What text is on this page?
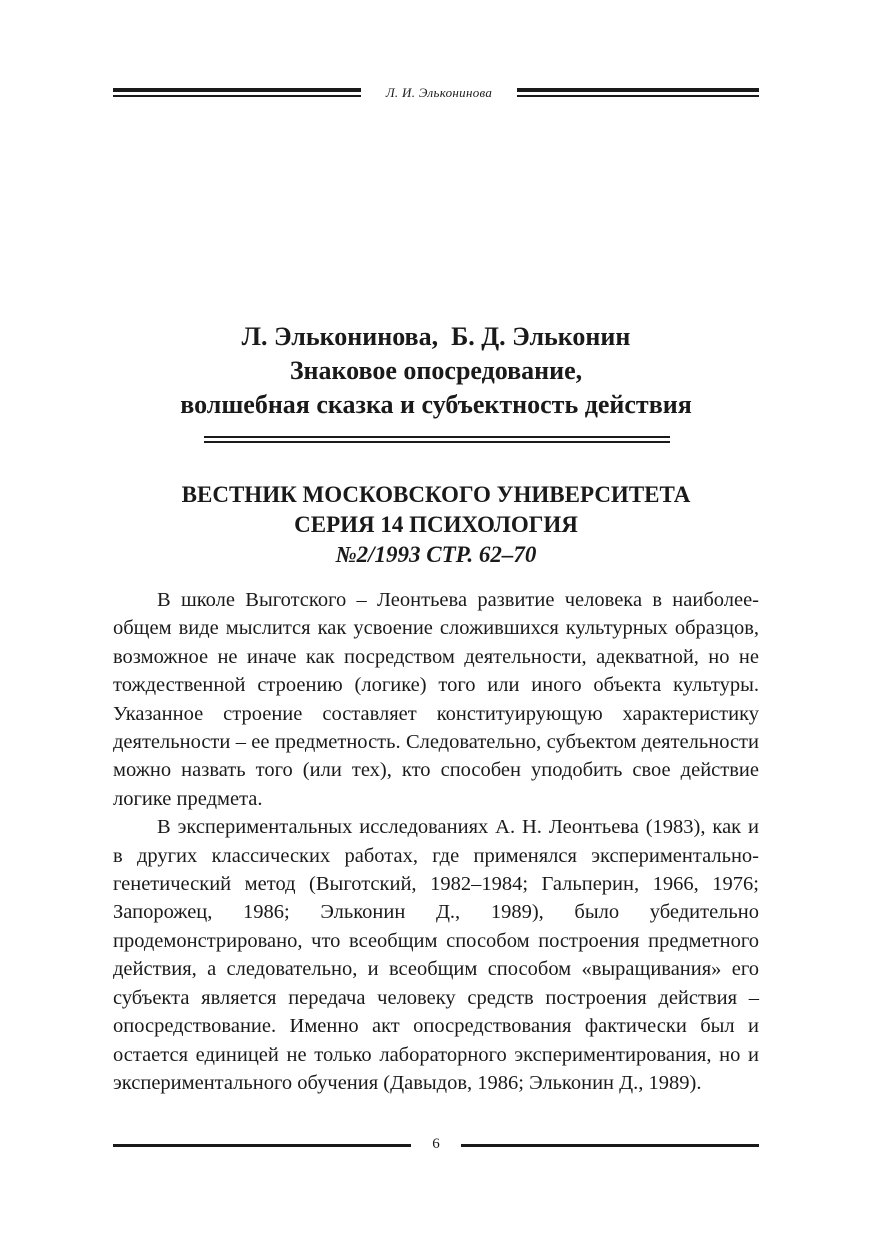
Л. И. Эльконинова
Л. Эльконинова,  Б. Д. Эльконин
Знаковое опосредование,
волшебная сказка и субъектность действия
ВЕСТНИК МОСКОВСКОГО УНИВЕРСИТЕТА
СЕРИЯ 14 ПСИХОЛОГИЯ
№2/1993 СТР. 62–70

В школе Выготского – Леонтьева развитие человека в наиболее-общем виде мыслится как усвоение сложившихся культурных образцов, возможное не иначе как посредством деятельности, адекватной, но не тождественной строению (логике) того или иного объекта культуры. Указанное строение составляет конституирующую характеристику деятельности – ее предметность. Следовательно, субъектом деятельности можно назвать того (или тех), кто способен уподобить свое действие логике предмета.

В экспериментальных исследованиях А. Н. Леонтьева (1983), как и в других классических работах, где применялся экспериментально-генетический метод (Выготский, 1982–1984; Гальперин, 1966, 1976; Запорожец, 1986; Эльконин Д., 1989), было убедительно продемонстрировано, что всеобщим способом построения предметного действия, а следовательно, и всеобщим способом «выращивания» его субъекта является передача человеку средств построения действия – опосредствование. Именно акт опосредствования фактически был и остается единицей не только лабораторного экспериментирования, но и экспериментального обучения (Давыдов, 1986; Эльконин Д., 1989).

6
